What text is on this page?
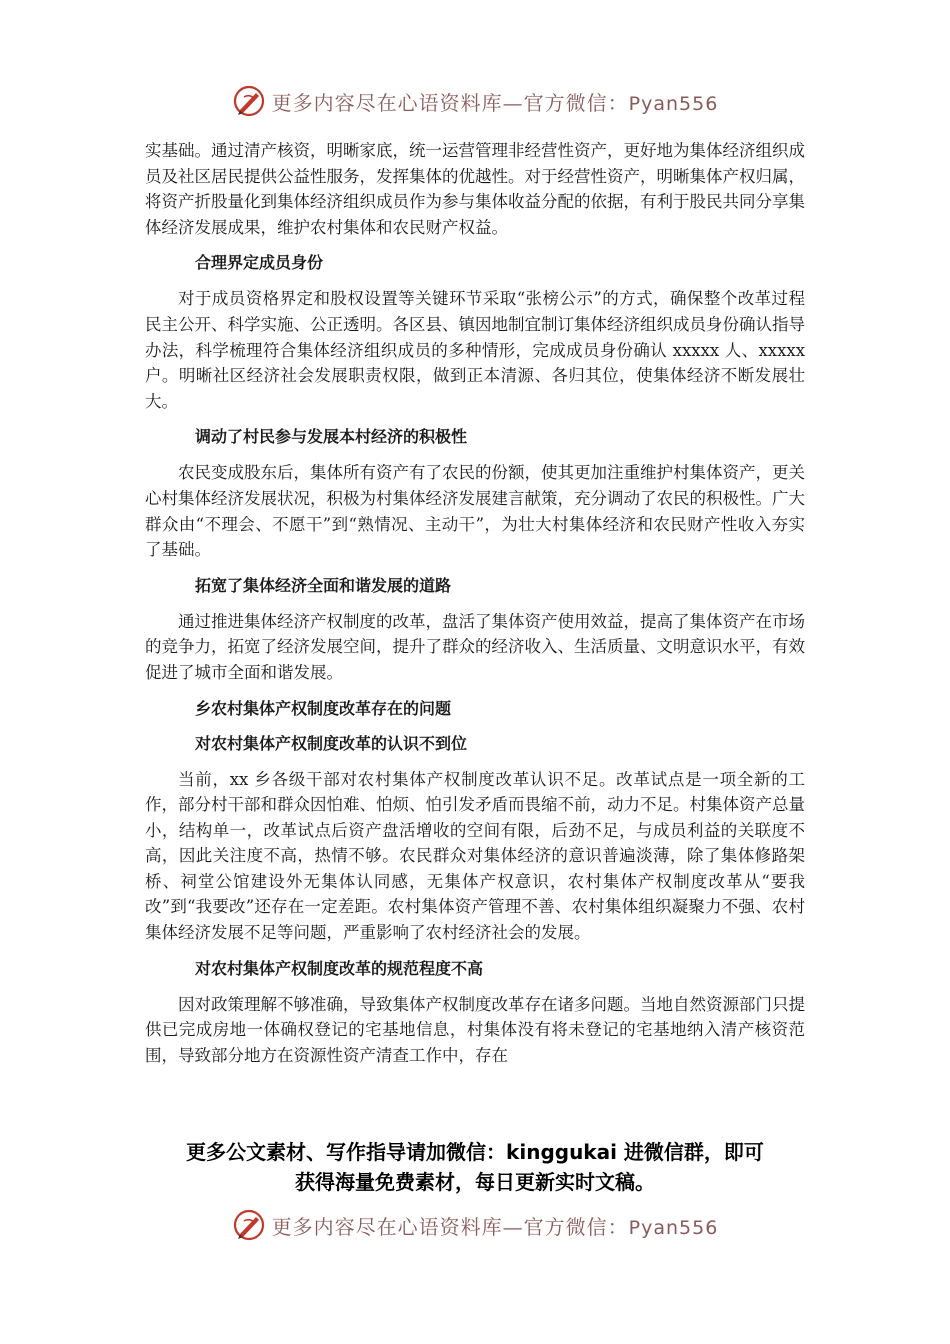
更多内容尽在心语资料库—官方微信：Pyan556

实基础。通过清产核资，明晰家底，统一运营管理非经营性资产，更好地为集体经济组织成员及社区居民提供公益性服务，发挥集体的优越性。对于经营性资产，明晰集体产权归属，将资产折股量化到集体经济组织成员作为参与集体收益分配的依据，有利于股民共同分享集体经济发展成果，维护农村集体和农民财产权益。

合理界定成员身份

对于成员资格界定和股权设置等关键环节采取“张榜公示”的方式，确保整个改革过程民主公开、科学实施、公正透明。各区县、镇因地制宜制订集体经济组织成员身份确认指导办法，科学梳理符合集体经济组织成员的多种情形，完成成员身份确认 xxxxx 人、xxxxx 户。明晰社区经济社会发展职责权限，做到正本清源、各归其位，使集体经济不断发展壮大。

调动了村民参与发展本村经济的积极性

农民变成股东后，集体所有资产有了农民的份额，使其更加注重维护村集体资产，更关心村集体经济发展状况，积极为村集体经济发展建言献策，充分调动了农民的积极性。广大群众由“不理会、不愿干”到“熟情况、主动干”，为壮大村集体经济和农民财产性收入夯实了基础。

拓宽了集体经济全面和谐发展的道路

通过推进集体经济产权制度的改革，盘活了集体资产使用效益，提高了集体资产在市场的竞争力，拓宽了经济发展空间，提升了群众的经济收入、生活质量、文明意识水平，有效促进了城市全面和谐发展。

乡农村集体产权制度改革存在的问题
对农村集体产权制度改革的认识不到位

当前，xx 乡各级干部对农村集体产权制度改革认识不足。改革试点是一项全新的工作，部分村干部和群众因怕难、怕烦、怕引发矛盾而畏缩不前，动力不足。村集体资产总量小，结构单一，改革试点后资产盘活增收的空间有限，后劲不足，与成员利益的关联度不高，因此关注度不高，热情不够。农民群众对集体经济的意识普遍淡薄，除了集体修路架桥、祠堂公馆建设外无集体认同感，无集体产权意识，农村集体产权制度改革从“要我改”到“我要改”还存在一定差距。农村集体资产管理不善、农村集体组织凝聚力不强、农村集体经济发展不足等问题，严重影响了农村经济社会的发展。

对农村集体产权制度改革的规范程度不高

因对政策理解不够准确，导致集体产权制度改革存在诸多问题。当地自然资源部门只提供已完成房地一体确权登记的宅基地信息，村集体没有将未登记的宅基地纳入清产核资范围，导致部分地方在资源性资产清查工作中，存在

更多公文素材、写作指导请加微信：kinggukai 进微信群，即可
获得海量免费素材，每日更新实时文稿。
更多内容尽在心语资料库—官方微信：Pyan556
